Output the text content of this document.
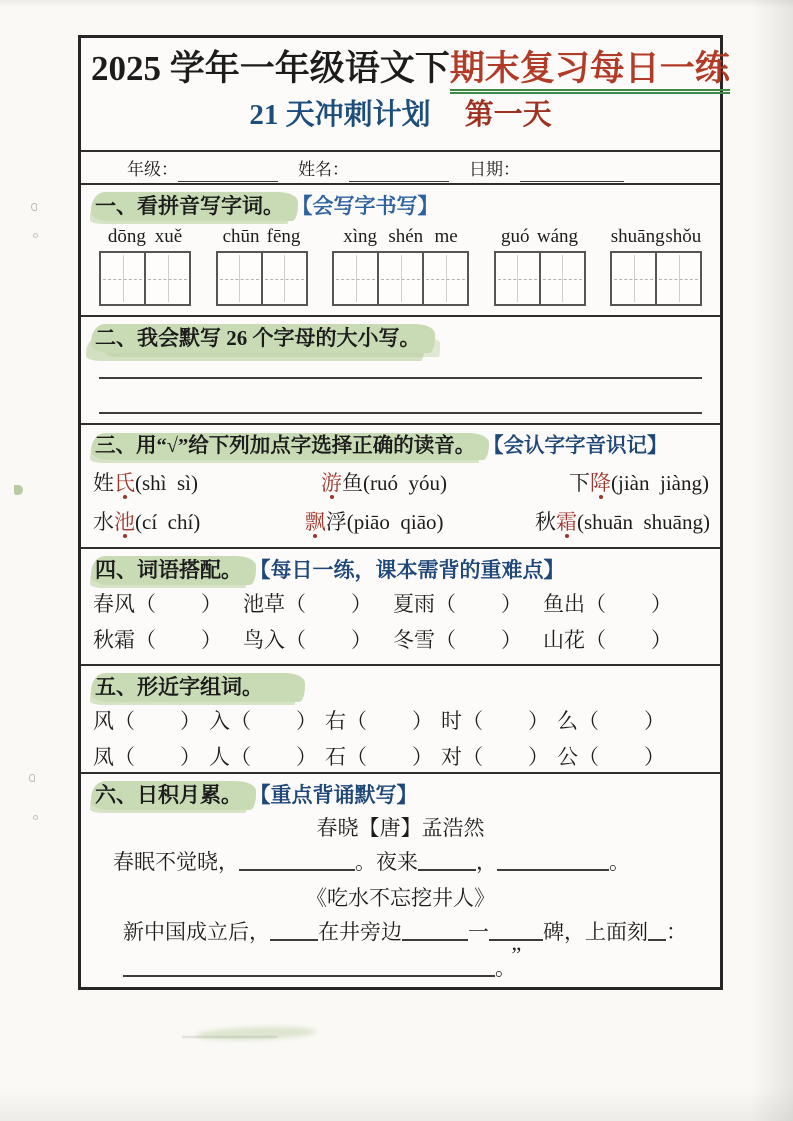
2025 学年一年级语文下期末复习每日一练
21 天冲刺计划 第一天
年级：	姓名：	日期：
一、看拼音写字词。 【会写字书写】
dōng xuě chūn fēng xìng shén me guó wáng shuāng shǒu
二、我会默写 26 个字母的大小写。
三、用“√”给下列加点字选择正确的读音。 【会认字字音识记】
姓氏(shì  sì)	游鱼(ruó  yóu)	下降(jiàn  jiàng)
水池(cí  chí)	飘浮(piāo  qiāo)	秋霜(shuān  shuāng)
四、词语搭配。 【每日一练，课本需背的重难点】
春风（　　） 池草（　　） 夏雨（　　） 鱼出（　　）
秋霜（　　） 鸟入（　　） 冬雪（　　） 山花（　　）
五、形近字组词。
风（　　） 入（　　） 右（　　） 时（　　） 么（　　）
凤（　　） 人（　　） 石（　　） 对（　　） 公（　　）
六、日积月累。 【重点背诵默写】
春晓【唐】孟浩然
春眠不觉晓，	。夜来	，	。
《吃水不忘挖井人》
新中国成立后， 在井旁边	一	碑，上面刻 ：
。”
